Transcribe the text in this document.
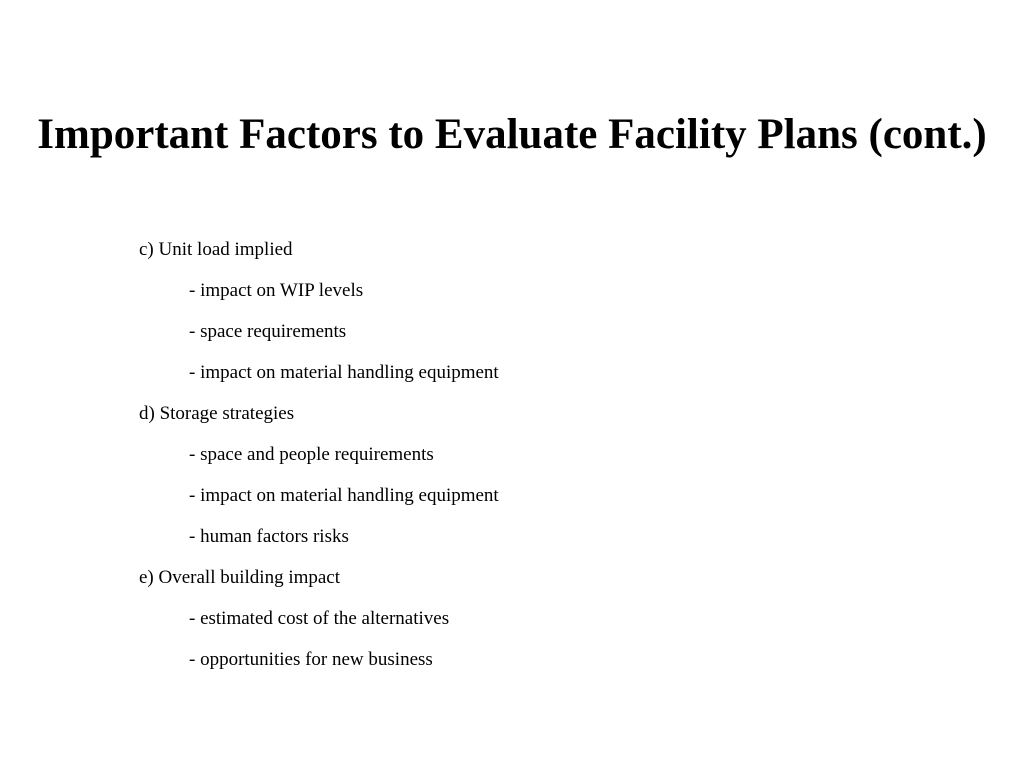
Important Factors to Evaluate Facility Plans (cont.)
c) Unit load implied
- impact on WIP levels
- space requirements
- impact on material handling equipment
d) Storage strategies
- space and people requirements
- impact on material handling equipment
- human factors risks
e) Overall building impact
- estimated cost of the alternatives
- opportunities for new business
